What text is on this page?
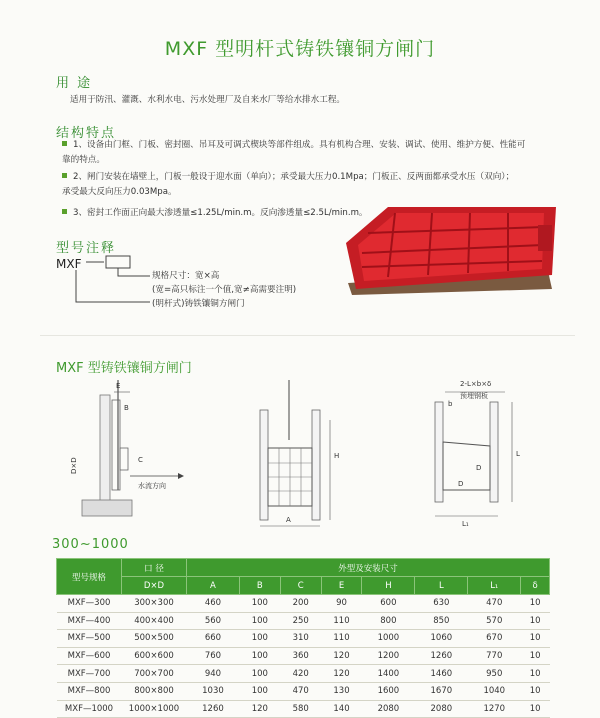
MXF 型明杆式铸铁镶铜方闸门
用 途
适用于防汛、灌溉、水利水电、污水处理厂及自来水厂等给水排水工程。
结构特点
1、设备由门框、门板、密封圈、吊耳及可调式楔块等部件组成。具有机构合理、安装、调试、使用、维护方便、性能可
靠的特点。
2、闸门安装在墙壁上，门板一般设于迎水面（单向）；承受最大压力0.1Mpa；门板正、反两面都承受水压（双向）；
承受最大反向压力0.03Mpa。
3、密封工作面正向最大渗透量≤1.25L/min.m。反向渗透量≤2.5L/min.m。
型号注释
MXF
规格尺寸：宽×高
(宽=高只标注一个值,宽≠高需要注明)
(明杆式)铸铁镶铜方闸门
MXF 型铸铁镶铜方闸门
E
B
C
D×D
水流方向
H
A
2-L×b×δ
预埋钢板
b
D
D
L
L₁
300~1000
型号规格	口 径	外型及安装尺寸							
	D×D	A	B	C	E	H	L	L₁	δ
MXF—300	300×300	460	100	200	90	600	630	470	10
MXF—400	400×400	560	100	250	110	800	850	570	10
MXF—500	500×500	660	100	310	110	1000	1060	670	10
MXF—600	600×600	760	100	360	120	1200	1260	770	10
MXF—700	700×700	940	100	420	120	1400	1460	950	10
MXF—800	800×800	1030	100	470	130	1600	1670	1040	10
MXF—1000	1000×1000	1260	120	580	140	2080	2080	1270	10
